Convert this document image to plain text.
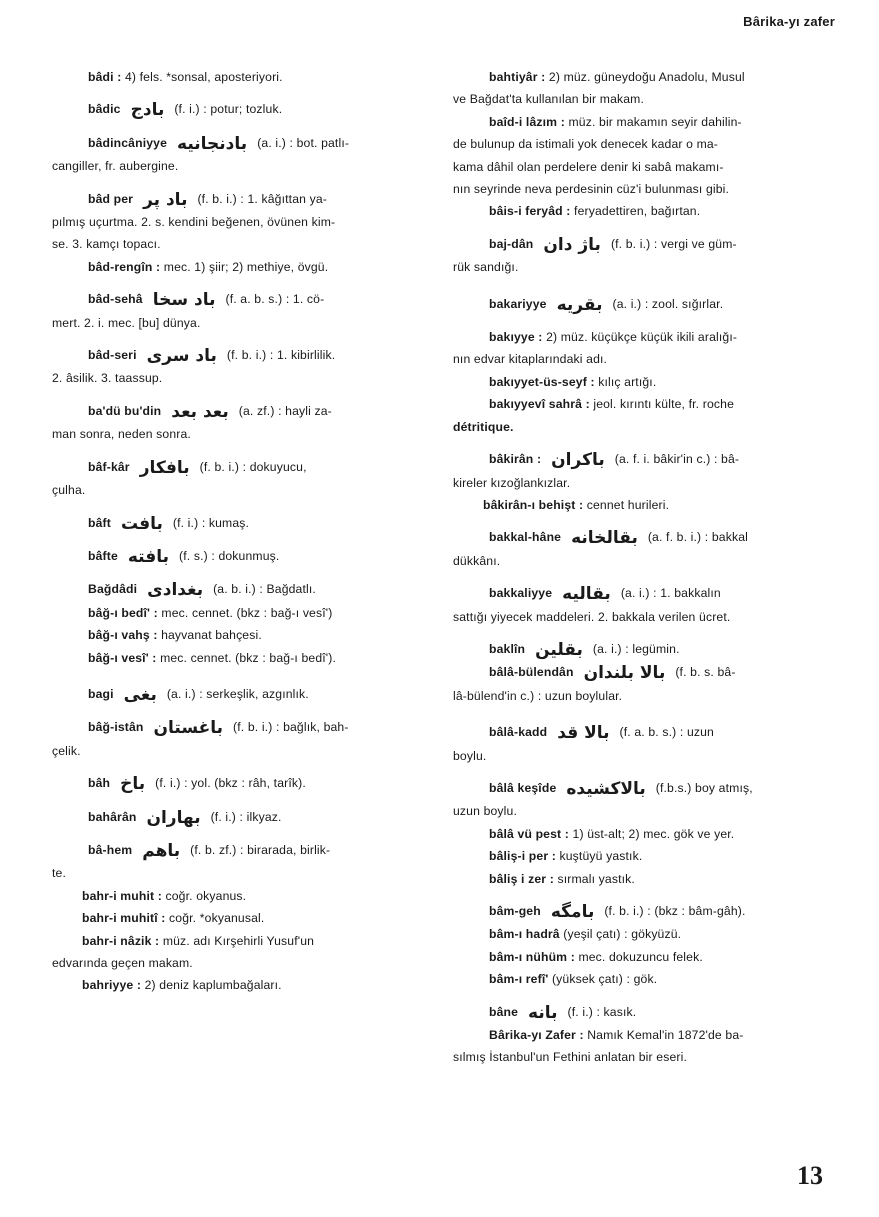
Bârika-yı zafer
bâdi : 4) fels. *sonsal, aposteriyori.
bâdic بادج (f. i.) : potur; tozluk.
bâdincâniyye بادنجانیه (a. i.) : bot. patlı-
cangiller, fr. aubergine.
bâd per باد پر (f. b. i.) : 1. kâğıttan ya-
pılmış uçurtma. 2. s. kendini beğenen, övünen kim-
se. 3. kamçı topacı.
bâd-rengîn : mec. 1) şiir; 2) methiye, övgü.
bâd-sehâ باد سخا (f. a. b. s.) : 1. cö-
mert. 2. i. mec. [bu] dünya.
bâd-seri باد سری (f. b. i.) : 1. kibirlilik.
2. âsilik. 3. taassup.
ba'dü bu'din بعد بعد (a. zf.) : hayli za-
man sonra, neden sonra.
bâf-kâr بافکار (f. b. i.) : dokuyucu,
çulha.
bâft بافت (f. i.) : kumaş.
bâfte بافته (f. s.) : dokunmuş.
Bağdâdi بغدادی (a. b. i.) : Bağdatlı.
bâğ-ı bedî' : mec. cennet. (bkz : bağ-ı vesî')
bâğ-ı vahş : hayvanat bahçesi.
bâğ-ı vesî' : mec. cennet. (bkz : bağ-ı bedî').
bagi بغی (a. i.) : serkeşlik, azgınlık.
bâğ-istân باغستان (f. b. i.) : bağlık, bah-
çelik.
bâh باخ (f. i.) : yol. (bkz : râh, tarîk).
bahârân بهاران (f. i.) : ilkyaz.
bâ-hem باهم (f. b. zf.) : birarada, birlik-
te.
bahr-i muhit : coğr. okyanus.
bahr-i muhitî : coğr. *okyanusal.
bahr-i nâzik : müz. adı Kırşehirli Yusuf'un
edvarında geçen makam.
bahriyye : 2) deniz kaplumbağaları.
bahtiyâr : 2) müz. güneydoğu Anadolu, Musul
ve Bağdat'ta kullanılan bir makam.
baîd-i lâzım : müz. bir makamın seyir dahilin-
de bulunup da istimali yok denecek kadar o ma-
kama dâhil olan perdelere denir ki sabâ makamı-
nın seyrinde neva perdesinin cüz'i bulunması gibi.
bâis-i feryâd : feryadettiren, bağırtan.
baj-dân باژ دان (f. b. i.) : vergi ve güm-
rük sandığı.
bakariyye بقریه (a. i.) : zool. sığırlar.
bakıyye : 2) müz. küçükçe küçük ikili aralığı-
nın edvar kitaplarındaki adı.
bakıyyet-üs-seyf : kılıç artığı.
bakıyyevî sahrâ : jeol. kırıntı külte, fr. roche
détritique.
bâkirân : باكران (a. f. i. bâkir'in c.) : bâ-
kireler kızoğlankızlar.
bâkirân-ı behişt : cennet hurileri.
bakkal-hâne بقالخانه (a. f. b. i.) : bakkal
dükkânı.
bakkaliyye بقالیه (a. i.) : 1. bakkalın
sattığı yiyecek maddeleri. 2. bakkala verilen ücret.
baklîn بقلین (a. i.) : legümin.
bâlâ-bülendân بالا بلندان (f. b. s. bâ-
lâ-bülend'in c.) : uzun boylular.
bâlâ-kadd بالا قد (f. a. b. s.) : uzun
boylu.
bâlâ keşîde بالاکشیده (f.b.s.) boy atmış,
uzun boylu.
bâlâ vü pest : 1) üst-alt; 2) mec. gök ve yer.
bâliş-i per : kuştüyü yastık.
bâliş i zer : sırmalı yastık.
bâm-geh بامگه (f. b. i.) : (bkz : bâm-gâh).
bâm-ı hadrâ (yeşil çatı) : gökyüzü.
bâm-ı nühüm : mec. dokuzuncu felek.
bâm-ı refî' (yüksek çatı) : gök.
bâne بانه (f. i.) : kasık.
Bârika-yı Zafer : Namık Kemal'in 1872'de ba-
sılmış İstanbul'un Fethini anlatan bir eseri.
13
